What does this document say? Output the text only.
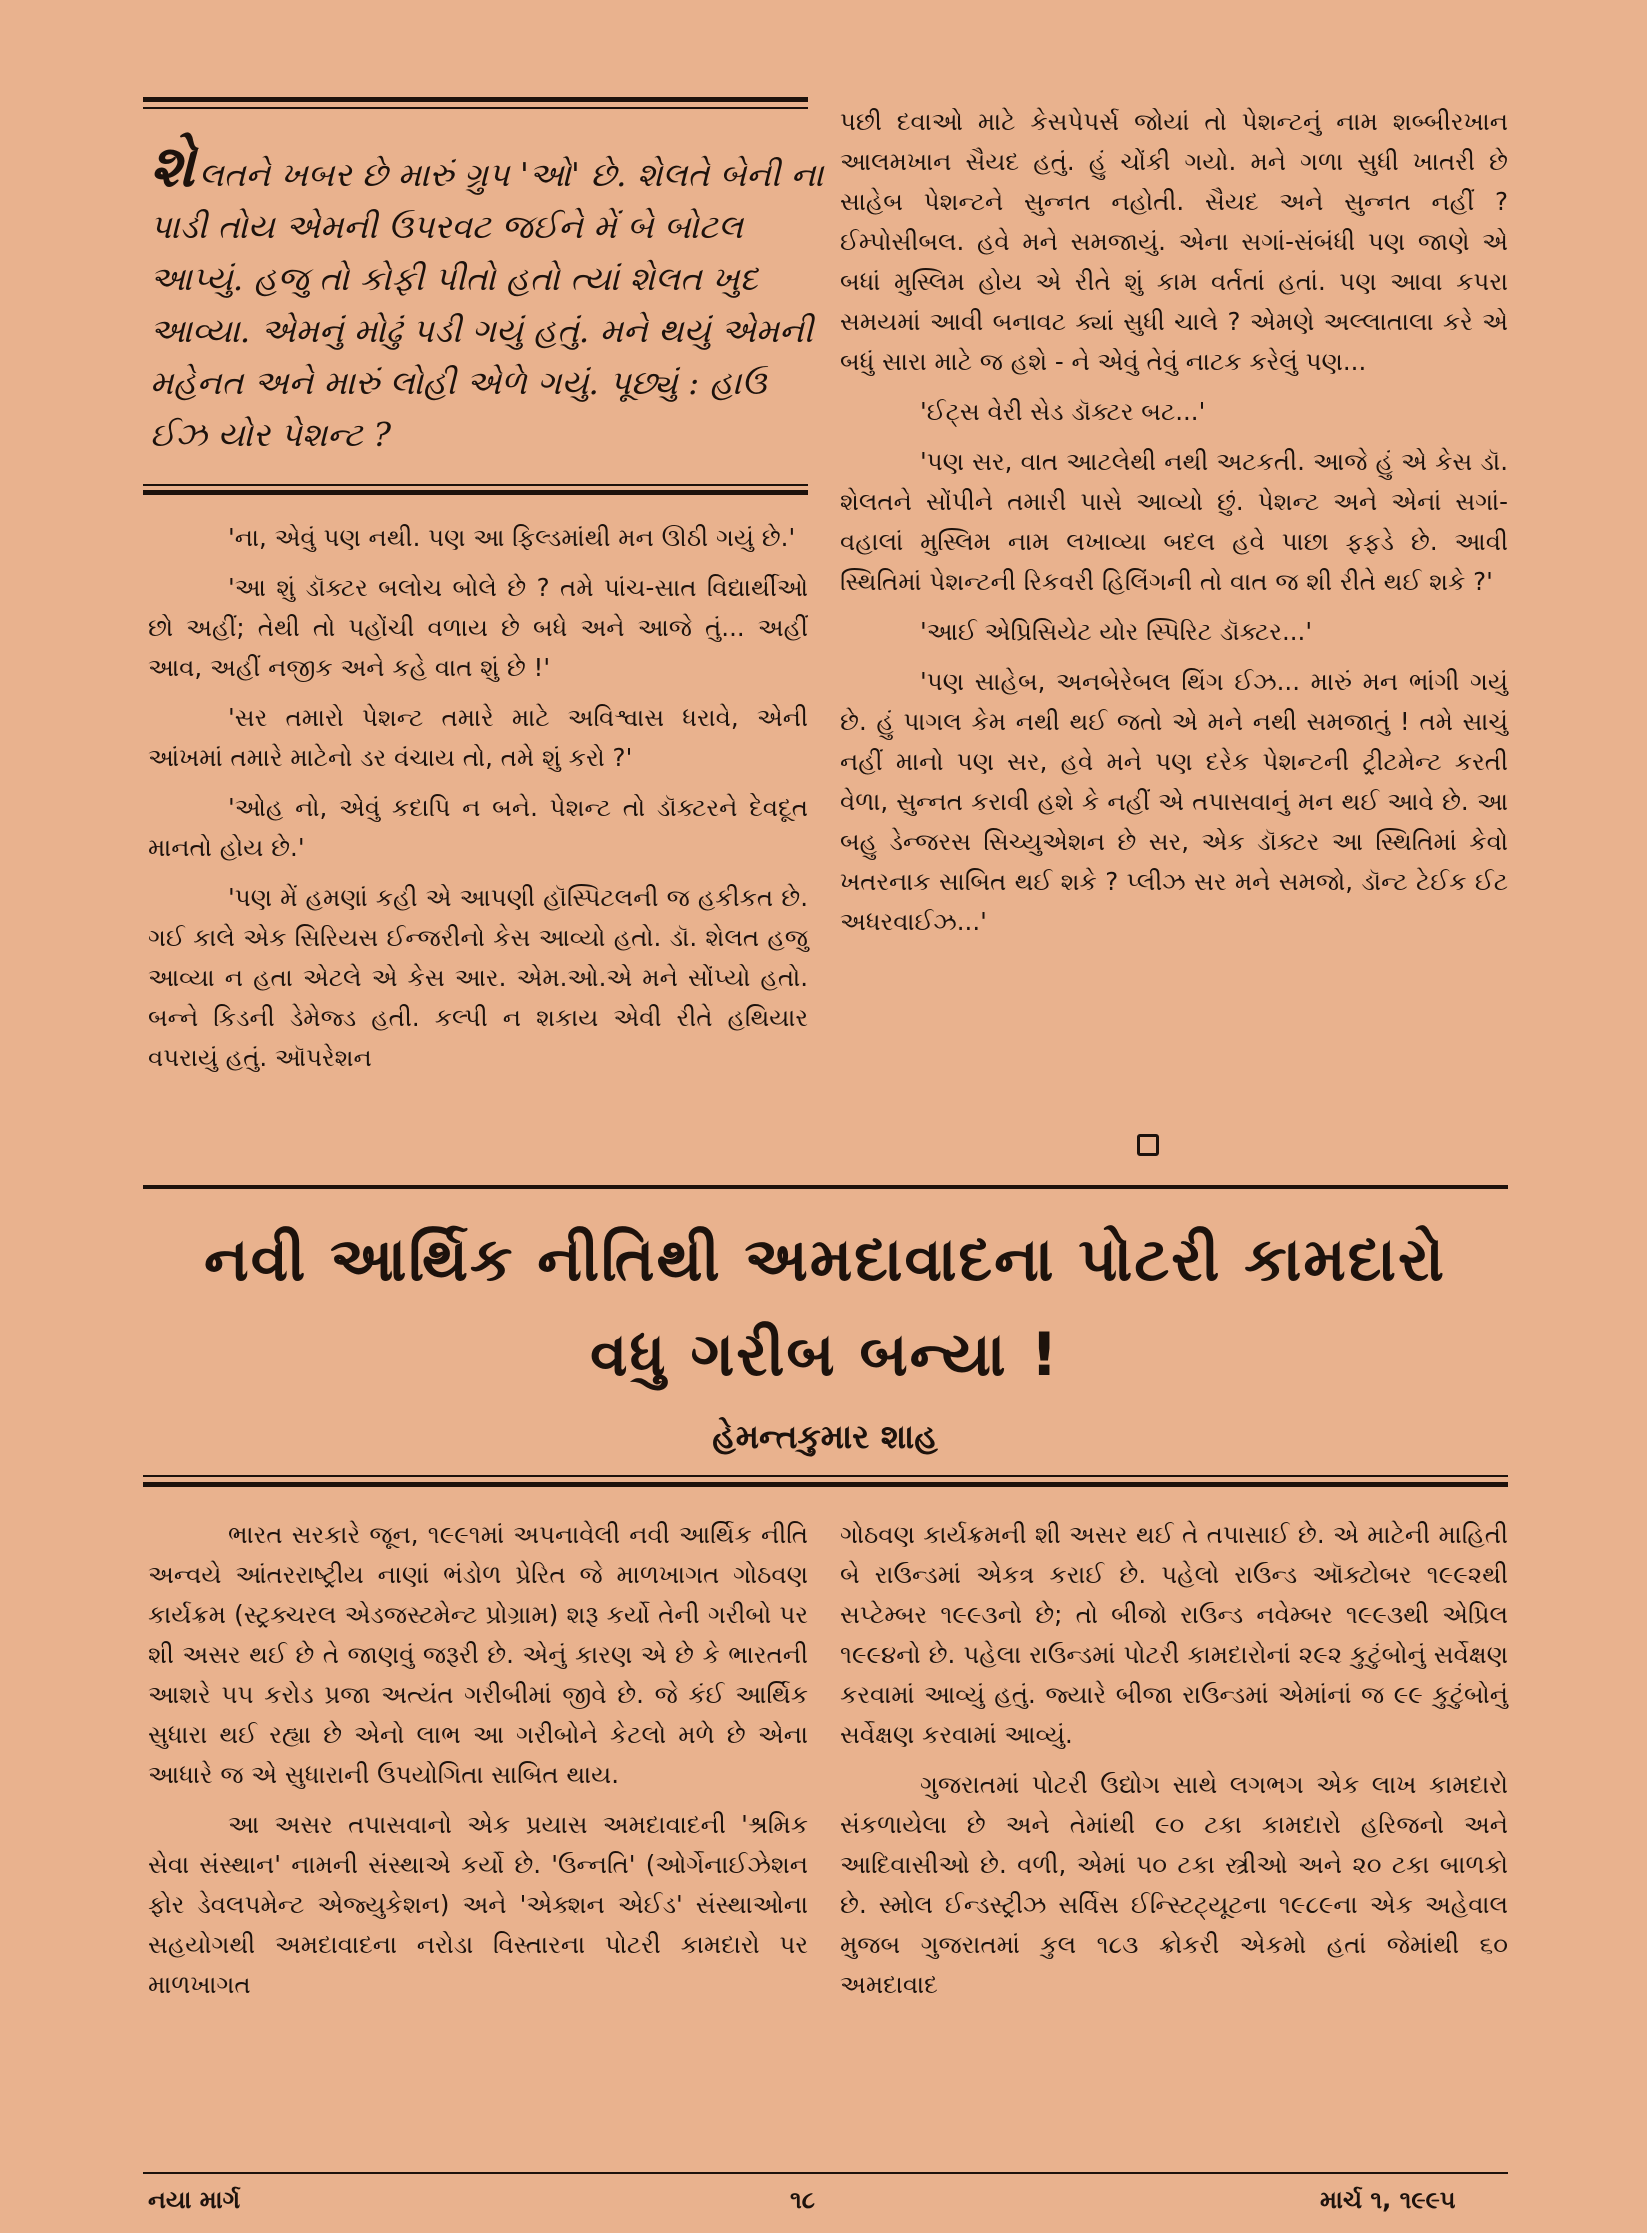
શેલતને ખબર છે મારું ગ્રુપ 'ઓ' છે. શેલતે બેની ના પાડી તોય એમની ઉપરવટ જઈને મેં બે બોટલ આપ્યું. હજુ તો કોફી પીતો હતો ત્યાં શેલત ખુદ આવ્યા. એમનું મોઢું પડી ગયું હતું. મને થયું એમની મહેનત અને મારું લોહી એળે ગયું. પૂછ્યું : હાઉ ઈઝ યોર પેશન્ટ ?

'ના, એવું પણ નથી. પણ આ ફિલ્ડમાંથી મન ઊઠી ગયું છે.'

'આ શું ડૉક્ટર બલોચ બોલે છે ? તમે પાંચ-સાત વિદ્યાર્થીઓ છો અહીં; તેથી તો પહોંચી વળાય છે બધે અને આજે તું... અહીં આવ, અહીં નજીક અને કહે વાત શું છે !'

'સર તમારો પેશન્ટ તમારે માટે અવિશ્વાસ ધરાવે, એની આંખમાં તમારે માટેનો ડર વંચાય તો, તમે શું કરો ?'

'ઓહ નો, એવું કદાપિ ન બને. પેશન્ટ તો ડૉક્ટરને દેવદૂત માનતો હોય છે.'

'પણ મેં હમણાં કહી એ આપણી હૉસ્પિટલની જ હકીકત છે. ગઈ કાલે એક સિરિયસ ઈન્જરીનો કેસ આવ્યો હતો. ડૉ. શેલત હજુ આવ્યા ન હતા એટલે એ કેસ આર. એમ.ઓ.એ મને સોંપ્યો હતો. બન્ને કિડની ડેમેજ્ડ હતી. કલ્પી ન શકાય એવી રીતે હથિયાર વપરાયું હતું. ઑપરેશન

પછી દવાઓ માટે કેસપેપર્સ જોયાં તો પેશન્ટનું નામ શબ્બીરખાન આલમખાન સૈયદ હતું. હું ચોંકી ગયો. મને ગળા સુધી ખાતરી છે સાહેબ પેશન્ટને સુન્નત નહોતી. સૈયદ અને સુન્નત નહીં ? ઈમ્પોસીબલ. હવે મને સમજાયું. એના સગાં-સંબંધી પણ જાણે એ બધાં મુસ્લિમ હોય એ રીતે શું કામ વર્તતાં હતાં. પણ આવા કપરા સમયમાં આવી બનાવટ ક્યાં સુધી ચાલે ? એમણે અલ્લાતાલા કરે એ બધું સારા માટે જ હશે - ને એવું તેવું નાટક કરેલું પણ...

'ઈટ્સ વેરી સેડ ડૉક્ટર બટ...'

'પણ સર, વાત આટલેથી નથી અટકતી. આજે હું એ કેસ ડૉ. શેલતને સોંપીને તમારી પાસે આવ્યો છું. પેશન્ટ અને એનાં સગાં-વહાલાં મુસ્લિમ નામ લખાવ્યા બદલ હવે પાછા ફફડે છે. આવી સ્થિતિમાં પેશન્ટની રિકવરી હિલિંગની તો વાત જ શી રીતે થઈ શકે ?'

'આઈ એપ્રિસિયેટ યોર સ્પિરિટ ડૉક્ટર...'

'પણ સાહેબ, અનબેરેબલ થિંગ ઈઝ... મારું મન ભાંગી ગયું છે. હું પાગલ કેમ નથી થઈ જતો એ મને નથી સમજાતું ! તમે સાચું નહીં માનો પણ સર, હવે મને પણ દરેક પેશન્ટની ટ્રીટમેન્ટ કરતી વેળા, સુન્નત કરાવી હશે કે નહીં એ તપાસવાનું મન થઈ આવે છે. આ બહુ ડેન્જરસ સિચ્યુએશન છે સર, એક ડૉક્ટર આ સ્થિતિમાં કેવો ખતરનાક સાબિત થઈ શકે ? પ્લીઝ સર મને સમજો, ડૉન્ટ ટેઈક ઈટ અધરવાઈઝ...'

નવી આર્થિક નીતિથી અમદાવાદના પોટરી કામદારો
વધુ ગરીબ બન્યા !
હેમન્તકુમાર શાહ

ભારત સરકારે જૂન, ૧૯૯૧માં અપનાવેલી નવી આર્થિક નીતિ અન્વયે આંતરરાષ્ટ્રીય નાણાં ભંડોળ પ્રેરિત જે માળખાગત ગોઠવણ કાર્યક્રમ (સ્ટ્રક્ચરલ એડજસ્ટમેન્ટ પ્રોગ્રામ) શરૂ કર્યો તેની ગરીબો પર શી અસર થઈ છે તે જાણવું જરૂરી છે. એનું કારણ એ છે કે ભારતની આશરે ૫૫ કરોડ પ્રજા અત્યંત ગરીબીમાં જીવે છે. જે કંઈ આર્થિક સુધારા થઈ રહ્યા છે એનો લાભ આ ગરીબોને કેટલો મળે છે એના આધારે જ એ સુધારાની ઉપયોગિતા સાબિત થાય.

આ અસર તપાસવાનો એક પ્રયાસ અમદાવાદની 'શ્રમિક સેવા સંસ્થાન' નામની સંસ્થાએ કર્યો છે. 'ઉન્નતિ' (ઓર્ગેનાઈઝેશન ફોર ડેવલપમેન્ટ એજ્યુકેશન) અને 'એક્શન એઈડ' સંસ્થાઓના સહયોગથી અમદાવાદના નરોડા વિસ્તારના પોટરી કામદારો પર માળખાગત

ગોઠવણ કાર્યક્રમની શી અસર થઈ તે તપાસાઈ છે. એ માટેની માહિતી બે રાઉન્ડમાં એકત્ર કરાઈ છે. પહેલો રાઉન્ડ ઑક્ટોબર ૧૯૯૨થી સપ્ટેમ્બર ૧૯૯૩નો છે; તો બીજો રાઉન્ડ નવેમ્બર ૧૯૯૩થી એપ્રિલ ૧૯૯૪નો છે. પહેલા રાઉન્ડમાં પોટરી કામદારોનાં ૨૯૨ કુટુંબોનું સર્વેક્ષણ કરવામાં આવ્યું હતું. જ્યારે બીજા રાઉન્ડમાં એમાંનાં જ ૯૯ કુટુંબોનું સર્વેક્ષણ કરવામાં આવ્યું.

ગુજરાતમાં પોટરી ઉદ્યોગ સાથે લગભગ એક લાખ કામદારો સંકળાયેલા છે અને તેમાંથી ૯૦ ટકા કામદારો હરિજનો અને આદિવાસીઓ છે. વળી, એમાં ૫૦ ટકા સ્ત્રીઓ અને ૨૦ ટકા બાળકો છે. સ્મોલ ઈન્ડસ્ટ્રીઝ સર્વિસ ઈન્સ્ટિટ્યૂટના ૧૯૮૯ના એક અહેવાલ મુજબ ગુજરાતમાં કુલ ૧૮૩ ક્રોકરી એકમો હતાં જેમાંથી ૬૦ અમદાવાદ

નયા માર્ગ	૧૮	માર્ચ ૧, ૧૯૯૫
